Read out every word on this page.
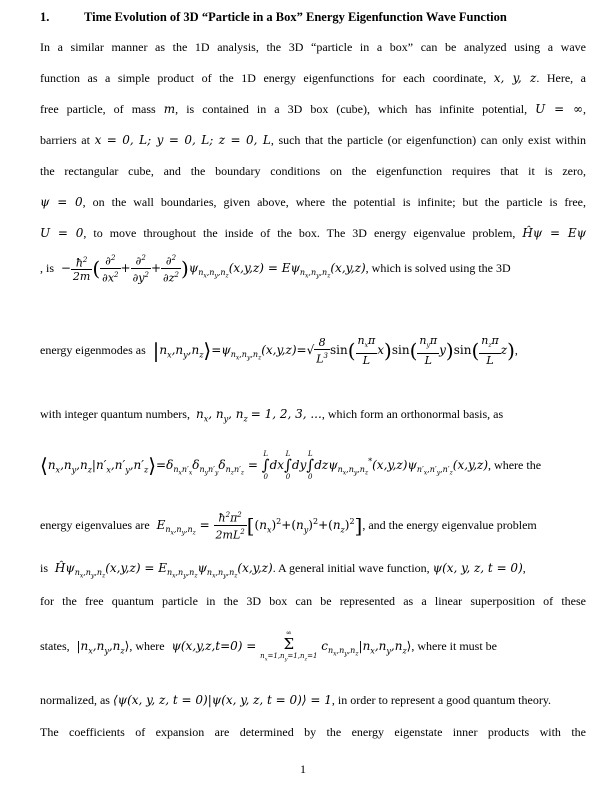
1.	Time Evolution of 3D “Particle in a Box” Energy Eigenfunction Wave Function
In a similar manner as the 1D analysis, the 3D “particle in a box” can be analyzed using a wave
function as a simple product of the 1D energy eigenfunctions for each coordinate, x, y, z. Here, a
free particle, of mass m, is contained in a 3D box (cube), which has infinite potential, U = ∞,
barriers at x = 0, L; y = 0, L; z = 0, L, such that the particle (or eigenfunction) can only exist within
the rectangular cube, and the boundary conditions on the eigenfunction requires that it is zero,
ψ = 0, on the wall boundaries, given above, where the potential is infinite; but the particle is free,
U = 0, to move throughout the inside of the box. The 3D energy eigenvalue problem, Ĥψ = Eψ
, is  − $\frac{ħ^2}{2m}$ ( $\frac{\partial^2}{\partial x^2} + \frac{\partial^2}{\partial y^2} + \frac{\partial^2}{\partial z^2} )\psi_{n_x,n_y,n_z}(x,y,z) = E\psi_{n_x,n_y,n_z}(x,y,z)$, which is solved using the 3D
energy eigenmodes as $|n_x,n_y,n_z⟩=\psi_{n_x,n_y,n_z}(x,y,z)=√ \frac{8}{L^3} \sin( \frac{n_x\pi}{L} x)\sin( \frac{n_y\pi}{L} y)\sin( \frac{n_z\pi}{L} z)$,
with integer quantum numbers, $n_x$, $n_y$, $n_z = 1$, 2, 3, ..., which form an orthonormal basis, as
$⟨n_x,n_y,n_z|n'_x,n'_y,n'_z⟩=\delta_{n_xn'_x}\delta_{n_yn'_y}\delta_{n_zn'_z} = L$
∫
0dxL
∫
0dyL
∫
$0dz\psi_{n_x,n_y,n_z}^*(x,y,z)\psi_{n'_x,n'_y,n'_z}(x,y,z)$, where the
energy eigenvalues are $E_{n_x,n_y,n_z} = \frac{ħ^2\pi^2}{2mL^2} [(n_x)^2+(n_y)^2+(n_z)^2]$, and the energy eigenvalue problem
is $Ĥ\psi_{n_x,n_y,n_z}(x,y,z) = E_{n_x,n_y,n_z}\psi_{n_x,n_y,n_z}(x,y,z)$. A general initial wave function, ψ(x, y, z, t = 0),
for the free quantum particle in the 3D box can be represented as a linear superposition of these
states,  $|n_x,n_y,n_z⟩$, where ψ(x,y,z,t=0) = ∞
Σ
$n_x=1,n_y=1,n_z=1$ $c_{n_x,n_y,n_z}|n_x,n_y,n_z⟩$, where it must be
normalized, as ⟨ψ(x, y, z, t = 0)|ψ(x, y, z, t = 0)⟩ = 1, in order to represent a good quantum theory.
The coefficients of expansion are determined by the energy eigenstate inner products with the
1
